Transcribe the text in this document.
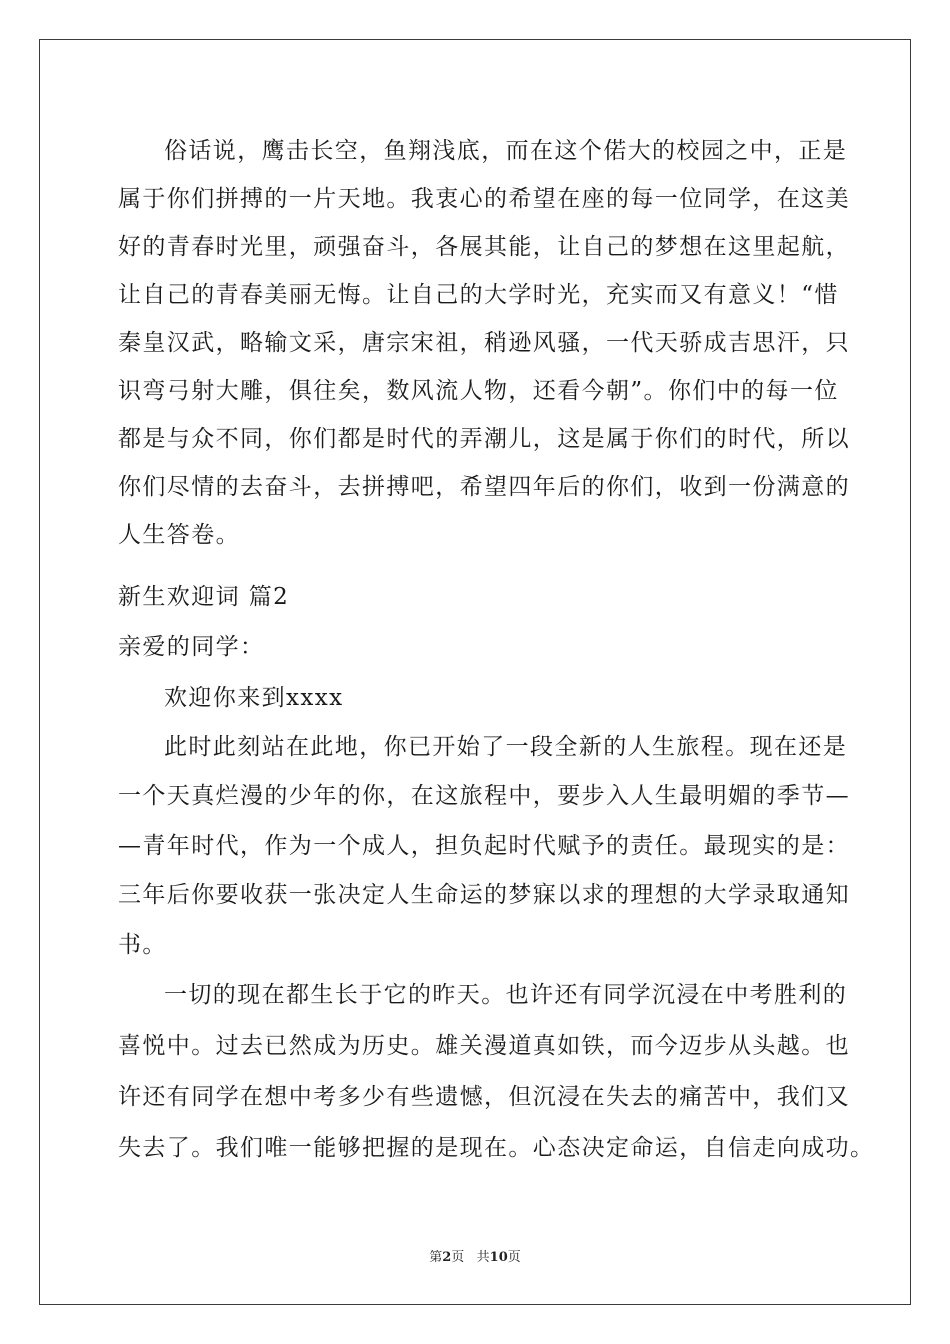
俗话说，鹰击长空，鱼翔浅底，而在这个偌大的校园之中，正是
属于你们拼搏的一片天地。我衷心的希望在座的每一位同学，在这美
好的青春时光里，顽强奋斗，各展其能，让自己的梦想在这里起航，
让自己的青春美丽无悔。让自己的大学时光，充实而又有意义！“惜
秦皇汉武，略输文采，唐宗宋祖，稍逊风骚，一代天骄成吉思汗，只
识弯弓射大雕，俱往矣，数风流人物，还看今朝”。你们中的每一位
都是与众不同，你们都是时代的弄潮儿，这是属于你们的时代，所以
你们尽情的去奋斗，去拼搏吧，希望四年后的你们，收到一份满意的
人生答卷。
新生欢迎词 篇2
亲爱的同学：
欢迎你来到xxxx
此时此刻站在此地，你已开始了一段全新的人生旅程。现在还是
一个天真烂漫的少年的你，在这旅程中，要步入人生最明媚的季节—
—青年时代，作为一个成人，担负起时代赋予的责任。最现实的是：
三年后你要收获一张决定人生命运的梦寐以求的理想的大学录取通知
书。
一切的现在都生长于它的昨天。也许还有同学沉浸在中考胜利的
喜悦中。过去已然成为历史。雄关漫道真如铁，而今迈步从头越。也
许还有同学在想中考多少有些遗憾，但沉浸在失去的痛苦中，我们又
失去了。我们唯一能够把握的是现在。心态决定命运，自信走向成功。
第2页   共10页
